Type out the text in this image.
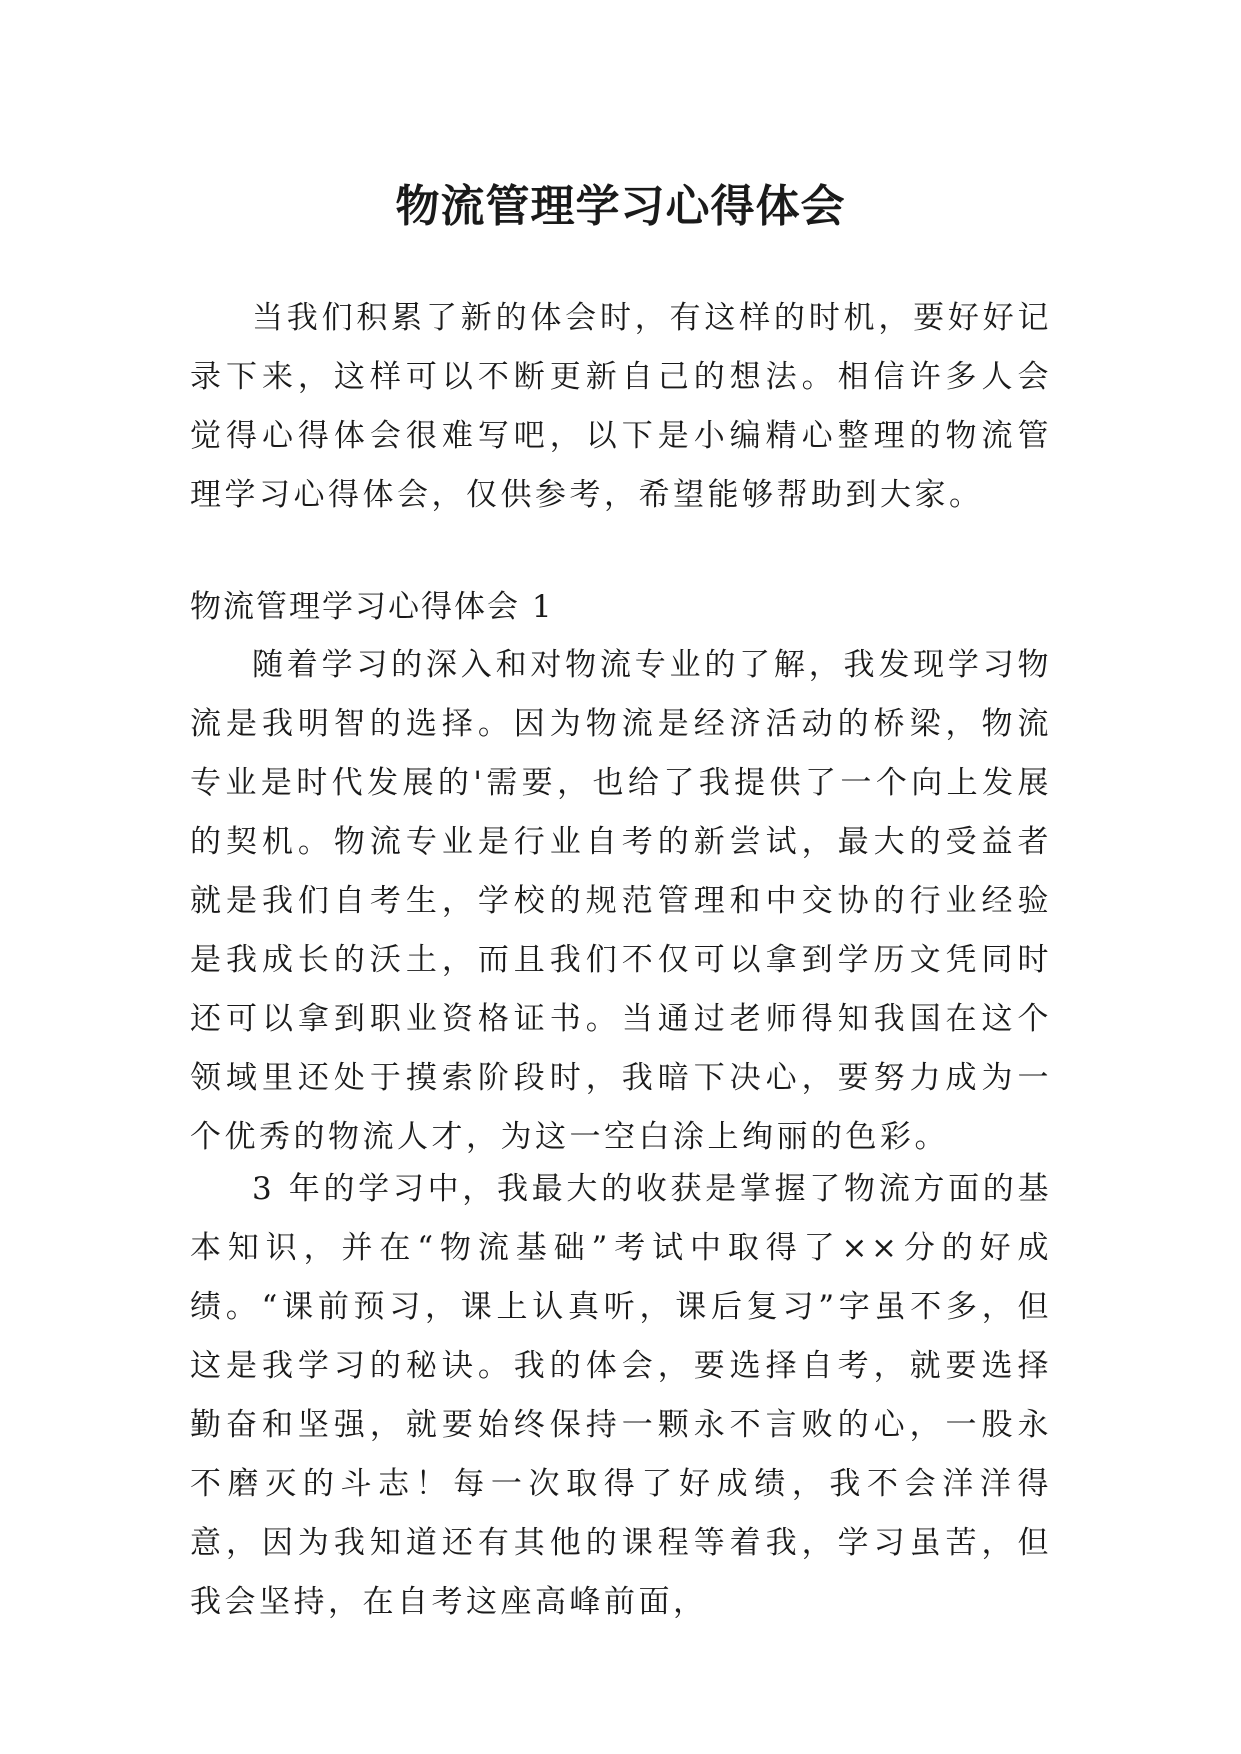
物流管理学习心得体会

当我们积累了新的体会时，有这样的时机，要好好记录下来，这样可以不断更新自己的想法。相信许多人会觉得心得体会很难写吧，以下是小编精心整理的物流管理学习心得体会，仅供参考，希望能够帮助到大家。

物流管理学习心得体会 1

随着学习的深入和对物流专业的了解，我发现学习物流是我明智的选择。因为物流是经济活动的桥梁，物流专业是时代发展的'需要，也给了我提供了一个向上发展的契机。物流专业是行业自考的新尝试，最大的受益者就是我们自考生，学校的规范管理和中交协的行业经验是我成长的沃土，而且我们不仅可以拿到学历文凭同时还可以拿到职业资格证书。当通过老师得知我国在这个领域里还处于摸索阶段时，我暗下决心，要努力成为一个优秀的物流人才，为这一空白涂上绚丽的色彩。

3 年的学习中，我最大的收获是掌握了物流方面的基本知识，并在“物流基础”考试中取得了××分的好成绩。“课前预习，课上认真听，课后复习”字虽不多，但这是我学习的秘诀。我的体会，要选择自考，就要选择勤奋和坚强，就要始终保持一颗永不言败的心，一股永不磨灭的斗志！每一次取得了好成绩，我不会洋洋得意，因为我知道还有其他的课程等着我，学习虽苦，但我会坚持，在自考这座高峰前面，
